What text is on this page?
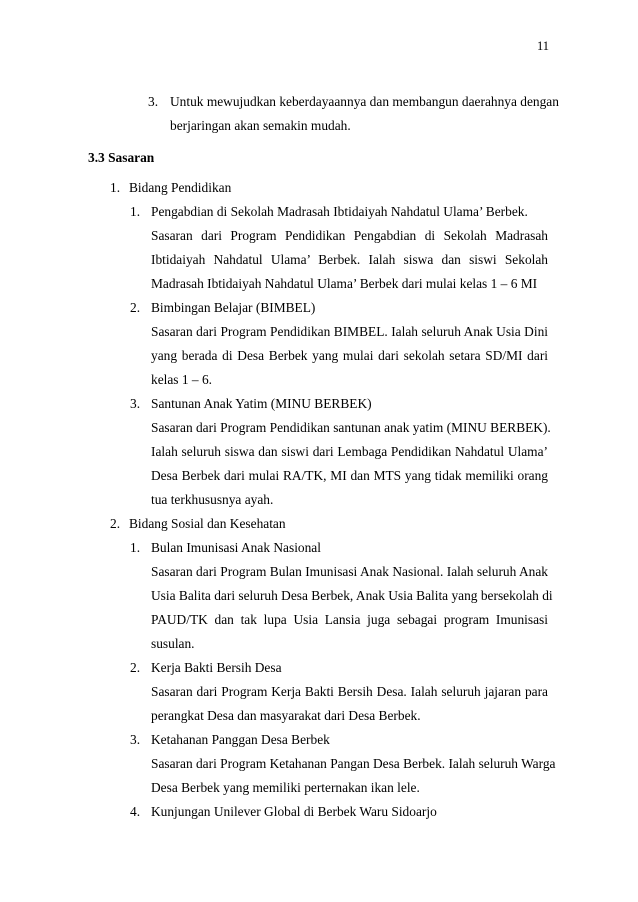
11
3. Untuk mewujudkan keberdayaannya dan membangun daerahnya dengan
berjaringan akan semakin mudah.
3.3 Sasaran
1. Bidang Pendidikan
1. Pengabdian di Sekolah Madrasah Ibtidaiyah Nahdatul Ulama’ Berbek.
Sasaran dari Program Pendidikan Pengabdian di Sekolah Madrasah
Ibtidaiyah Nahdatul Ulama’ Berbek. Ialah siswa dan siswi Sekolah
Madrasah Ibtidaiyah Nahdatul Ulama’ Berbek dari mulai kelas 1 – 6 MI
2. Bimbingan Belajar (BIMBEL)
Sasaran dari Program Pendidikan BIMBEL. Ialah seluruh Anak Usia Dini
yang berada di Desa Berbek yang mulai dari sekolah setara SD/MI dari
kelas 1 – 6.
3. Santunan Anak Yatim (MINU BERBEK)
Sasaran dari Program Pendidikan santunan anak yatim (MINU BERBEK).
Ialah seluruh siswa dan siswi dari Lembaga Pendidikan Nahdatul Ulama’
Desa Berbek dari mulai RA/TK, MI dan MTS yang tidak memiliki orang
tua terkhususnya ayah.
2. Bidang Sosial dan Kesehatan
1. Bulan Imunisasi Anak Nasional
Sasaran dari Program Bulan Imunisasi Anak Nasional. Ialah seluruh Anak
Usia Balita dari seluruh Desa Berbek, Anak Usia Balita yang bersekolah di
PAUD/TK dan tak lupa Usia Lansia juga sebagai program Imunisasi
susulan.
2. Kerja Bakti Bersih Desa
Sasaran dari Program Kerja Bakti Bersih Desa. Ialah seluruh jajaran para
perangkat Desa dan masyarakat dari Desa Berbek.
3. Ketahanan Panggan Desa Berbek
Sasaran dari Program Ketahanan Pangan Desa Berbek. Ialah seluruh Warga
Desa Berbek yang memiliki perternakan ikan lele.
4. Kunjungan Unilever Global di Berbek Waru Sidoarjo
